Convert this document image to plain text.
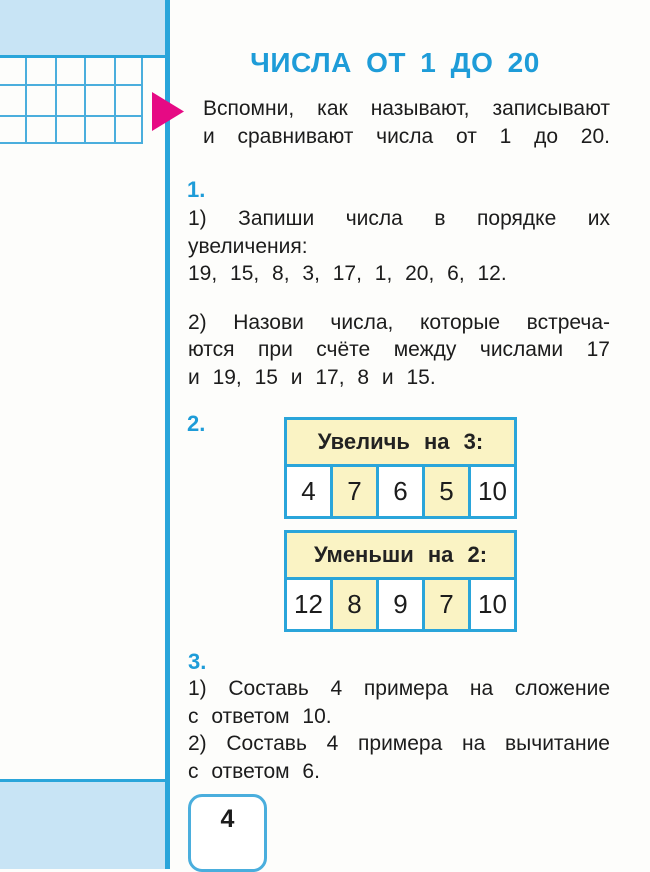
ЧИСЛА ОТ 1 ДО 20
Вспомни, как называют, записывают
и сравнивают числа от 1 до 20.
1.
1) Запиши числа в порядке их
увеличения:
19, 15, 8, 3, 17, 1, 20, 6, 12.
2) Назови числа, которые встреча-
ются при счёте между числами 17
и 19, 15 и 17, 8 и 15.
2.
Увеличь на 3:
4	7	6	5 10
Уменьши на 2:
12 8	9	7 10
3.
1) Составь 4 примера на сложение
с ответом 10.
2) Составь 4 примера на вычитание
с ответом 6.
4
